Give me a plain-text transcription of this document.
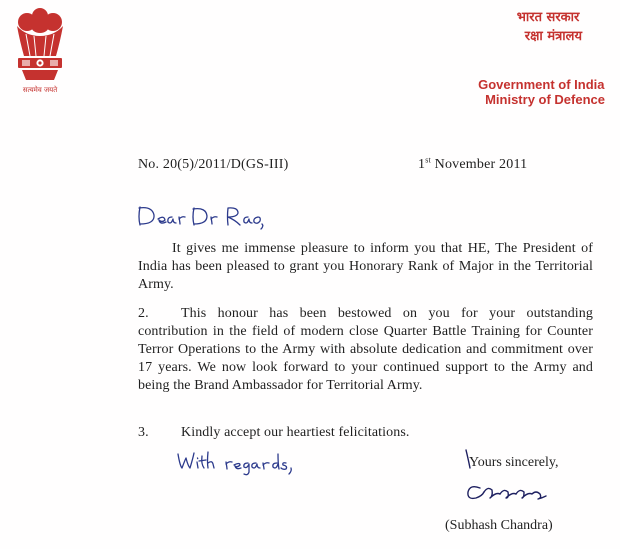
सत्यमेव जयते
भारत सरकार
रक्षा मंत्रालय
Government of India
Ministry of Defence
No. 20(5)/2011/D(GS-III)	1st November 2011
It gives me immense pleasure to inform you that HE, The President of India has been pleased to grant you Honorary Rank of Major in the Territorial Army.
2. This honour has been bestowed on you for your outstanding contribution in the field of modern close Quarter Battle Training for Counter Terror Operations to the Army with absolute dedication and commitment over 17 years. We now look forward to your continued support to the Army and being the Brand Ambassador for Territorial Army.
3. Kindly accept our heartiest felicitations.
Yours sincerely,
(Subhash Chandra)
